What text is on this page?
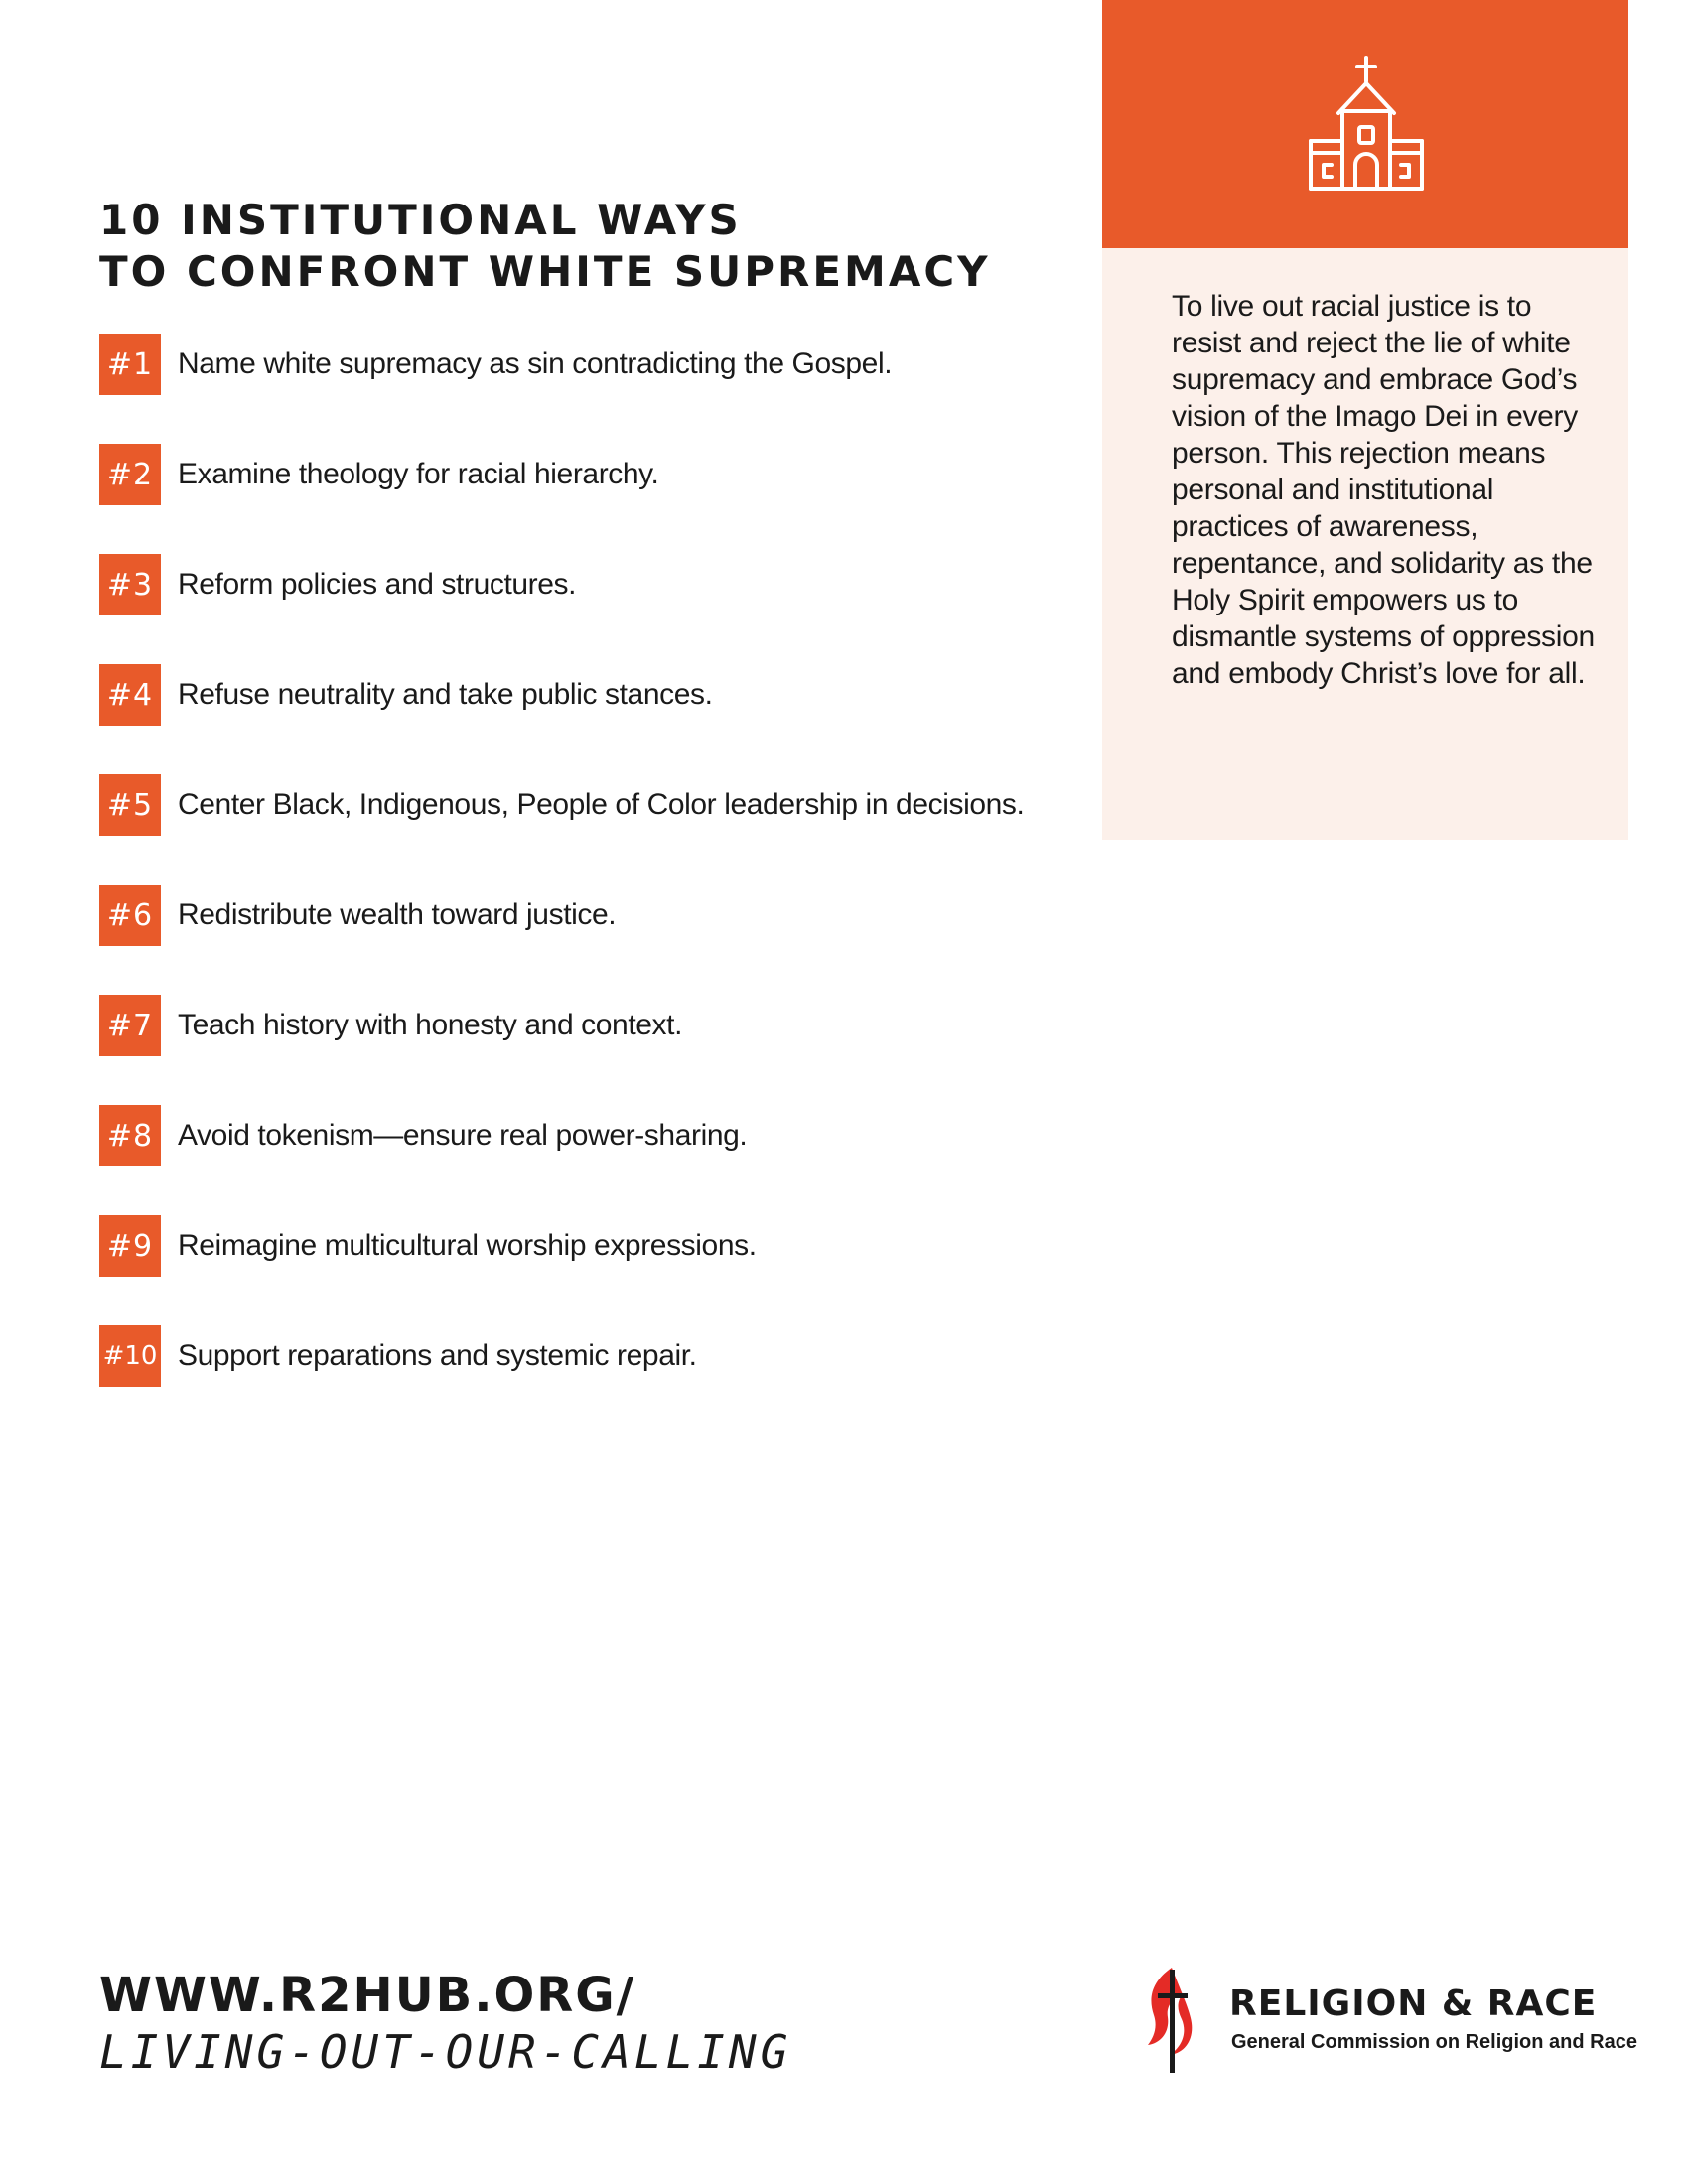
10 INSTITUTIONAL WAYS
TO CONFRONT WHITE SUPREMACY
#1 Name white supremacy as sin contradicting the Gospel.
#2 Examine theology for racial hierarchy.
#3 Reform policies and structures.
#4 Refuse neutrality and take public stances.
#5 Center Black, Indigenous, People of Color leadership in decisions.
#6 Redistribute wealth toward justice.
#7 Teach history with honesty and context.
#8 Avoid tokenism—ensure real power-sharing.
#9 Reimagine multicultural worship expressions.
#10 Support reparations and systemic repair.
To live out racial justice is to resist and reject the lie of white supremacy and embrace God’s vision of the Imago Dei in every person. This rejection means personal and institutional practices of awareness, repentance, and solidarity as the Holy Spirit empowers us to dismantle systems of oppression and embody Christ’s love for all.
WWW.R2HUB.ORG/
LIVING-OUT-OUR-CALLING
RELIGION & RACE
General Commission on Religion and Race
